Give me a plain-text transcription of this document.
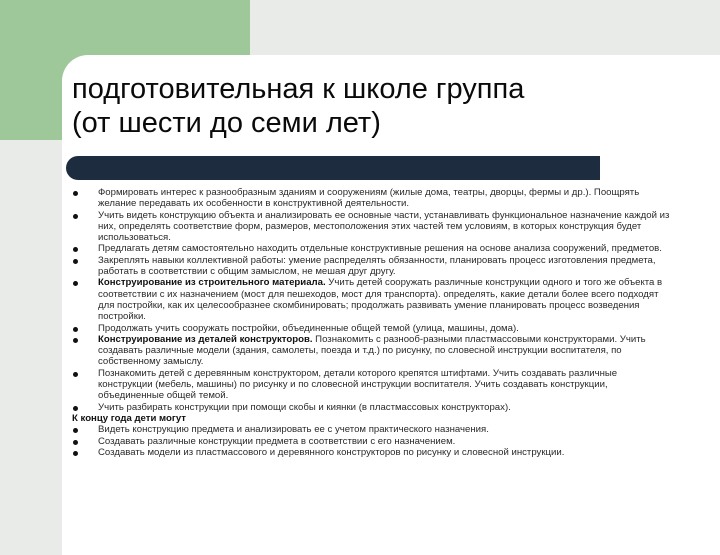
подготовительная к школе группа
(от шести до семи лет)
Формировать интерес к разнообразным зданиям и сооружениям (жилые дома, театры, дворцы, фермы и др.). Поощрять желание передавать их особенности в конструктивной деятельности.
Учить видеть конструкцию объекта и анализировать ее основные части, устанавливать функциональное назначение каждой из них, определять соответствие форм, размеров, местоположения этих частей тем условиям, в которых конструкция будет использоваться.
Предлагать детям самостоятельно находить отдельные конструктивные решения на основе анализа сооружений, предметов.
Закреплять навыки коллективной работы: умение распределять обязанности, планировать процесс изготовления предмета, работать в соответствии с общим замыслом, не мешая друг другу.
Конструирование из строительного материала. Учить детей сооружать различные конструкции одного и того же объекта в соответствии с их назначением (мост для пешеходов, мост для транспорта). определять, какие детали более всего подходят для постройки, как их целесообразнее скомбинировать; продолжать развивать умение планировать процесс возведения постройки.
Продолжать учить сооружать постройки, объединенные общей темой (улица, машины, дома).
Конструирование из деталей конструкторов. Познакомить с разнооб-разными пластмассовыми конструкторами. Учить создавать различные модели (здания, самолеты, поезда и т.д.) по рисунку, по словесной инструкции воспитателя, по собственному замыслу.
Познакомить детей с деревянным конструктором, детали которого крепятся штифтами. Учить создавать различные конструкции (мебель, машины) по рисунку и по словесной инструкции воспитателя. Учить создавать конструкции, объединенные общей темой.
Учить разбирать конструкции при помощи скобы и киянки (в пластмассовых конструкторах).
К концу года дети могут
Видеть конструкцию предмета и анализировать ее с учетом практического назначения.
Создавать различные конструкции предмета в соответствии с его назначением.
Создавать модели из пластмассового и деревянного конструкторов по рисунку и словесной инструкции.
